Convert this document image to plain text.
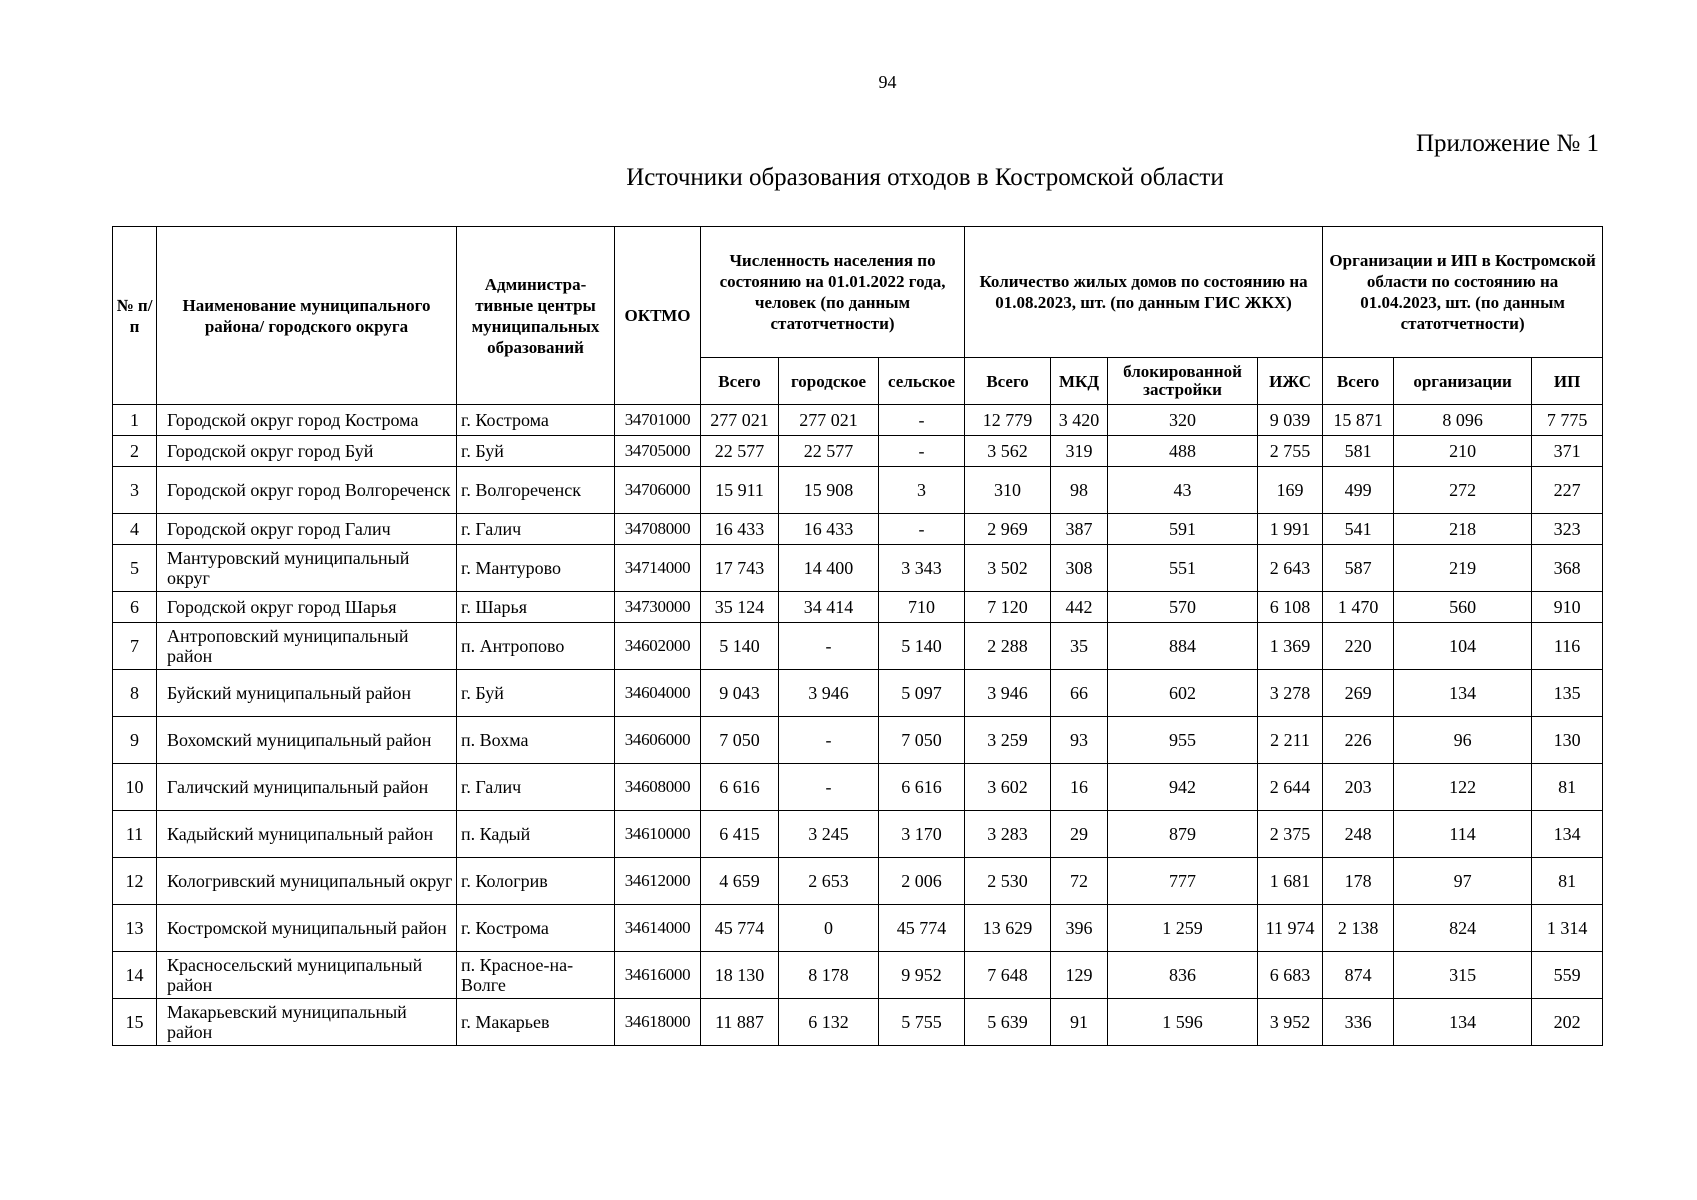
94
Приложение № 1
Источники образования отходов в Костромской области
№ п/п	Наименование муниципального района/ городского округа	Администра-тивные центры муниципальных образований	ОКТМО	Численность населения по состоянию на 01.01.2022 года, человек (по данным статотчетности)			Количество жилых домов по состоянию на 01.08.2023, шт. (по данным ГИС ЖКХ)				Организации и ИП в Костромской области по состоянию на 01.04.2023, шт. (по данным статотчетности)		
				Всего	городское	сельское	Всего	МКД	блокированной застройки	ИЖС	Всего	организации	ИП
1	Городской округ город Кострома	г. Кострома	34701000	277 021	277 021	-	12 779	3 420	320	9 039	15 871	8 096	7 775
2	Городской округ город Буй	г. Буй	34705000	22 577	22 577	-	3 562	319	488	2 755	581	210	371
3	Городской округ город Волгореченск	г. Волгореченск	34706000	15 911	15 908	3	310	98	43	169	499	272	227
4	Городской округ город Галич	г. Галич	34708000	16 433	16 433	-	2 969	387	591	1 991	541	218	323
5	Мантуровский муниципальный округ	г. Мантурово	34714000	17 743	14 400	3 343	3 502	308	551	2 643	587	219	368
6	Городской округ город Шарья	г. Шарья	34730000	35 124	34 414	710	7 120	442	570	6 108	1 470	560	910
7	Антроповский муниципальный район	п. Антропово	34602000	5 140	-	5 140	2 288	35	884	1 369	220	104	116
8	Буйский муниципальный район	г. Буй	34604000	9 043	3 946	5 097	3 946	66	602	3 278	269	134	135
9	Вохомский муниципальный район	п. Вохма	34606000	7 050	-	7 050	3 259	93	955	2 211	226	96	130
10	Галичский муниципальный район	г. Галич	34608000	6 616	-	6 616	3 602	16	942	2 644	203	122	81
11	Кадыйский муниципальный район	п. Кадый	34610000	6 415	3 245	3 170	3 283	29	879	2 375	248	114	134
12	Кологривский муниципальный округ	г. Кологрив	34612000	4 659	2 653	2 006	2 530	72	777	1 681	178	97	81
13	Костромской муниципальный район	г. Кострома	34614000	45 774	0	45 774	13 629	396	1 259	11 974	2 138	824	1 314
14	Красносельский муниципальный район	п. Красное-на-Волге	34616000	18 130	8 178	9 952	7 648	129	836	6 683	874	315	559
15	Макарьевский муниципальный район	г. Макарьев	34618000	11 887	6 132	5 755	5 639	91	1 596	3 952	336	134	202
